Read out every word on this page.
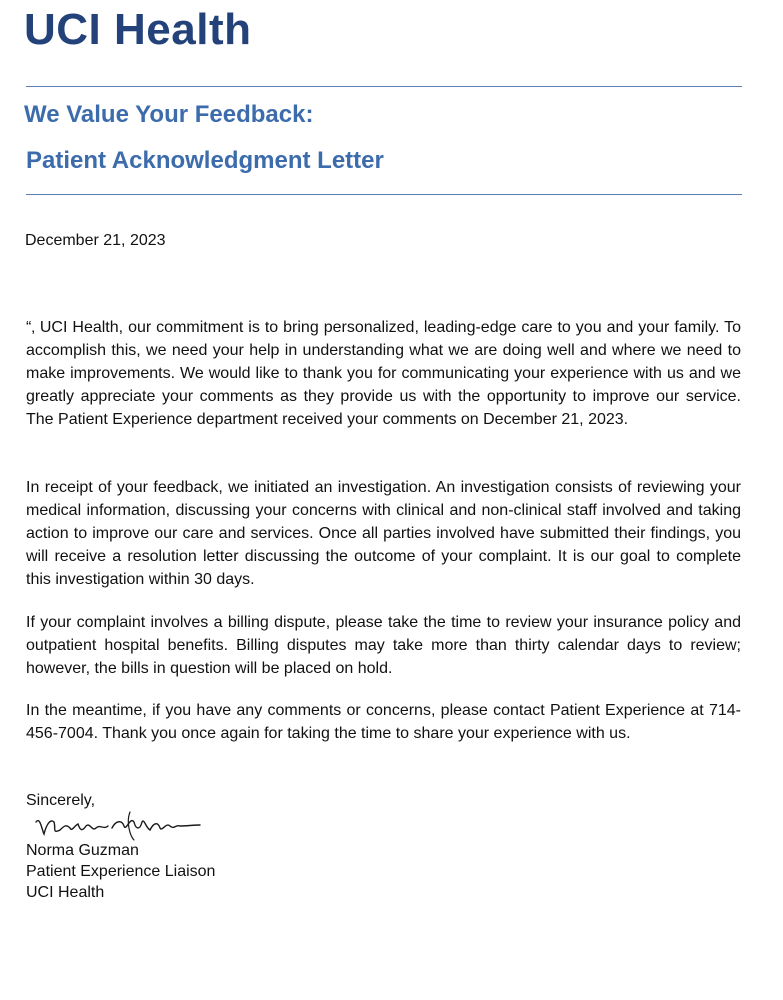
UCI Health
We Value Your Feedback:
Patient Acknowledgment Letter
December 21, 2023
“‚ UCI Health, our commitment is to bring personalized, leading-edge care to you and your family. To accomplish this, we need your help in understanding what we are doing well and where we need to make improvements. We would like to thank you for communicating your experience with us and we greatly appreciate your comments as they provide us with the opportunity to improve our service. The Patient Experience department received your comments on December 21, 2023.
In receipt of your feedback, we initiated an investigation. An investigation consists of reviewing your medical information, discussing your concerns with clinical and non-clinical staff involved and taking action to improve our care and services. Once all parties involved have submitted their findings, you will receive a resolution letter discussing the outcome of your complaint. It is our goal to complete this investigation within 30 days.
If your complaint involves a billing dispute, please take the time to review your insurance policy and outpatient hospital benefits. Billing disputes may take more than thirty calendar days to review; however, the bills in question will be placed on hold.
In the meantime, if you have any comments or concerns, please contact Patient Experience at 714-456-7004. Thank you once again for taking the time to share your experience with us.
Sincerely,
Norma Guzman
Patient Experience Liaison
UCI Health
